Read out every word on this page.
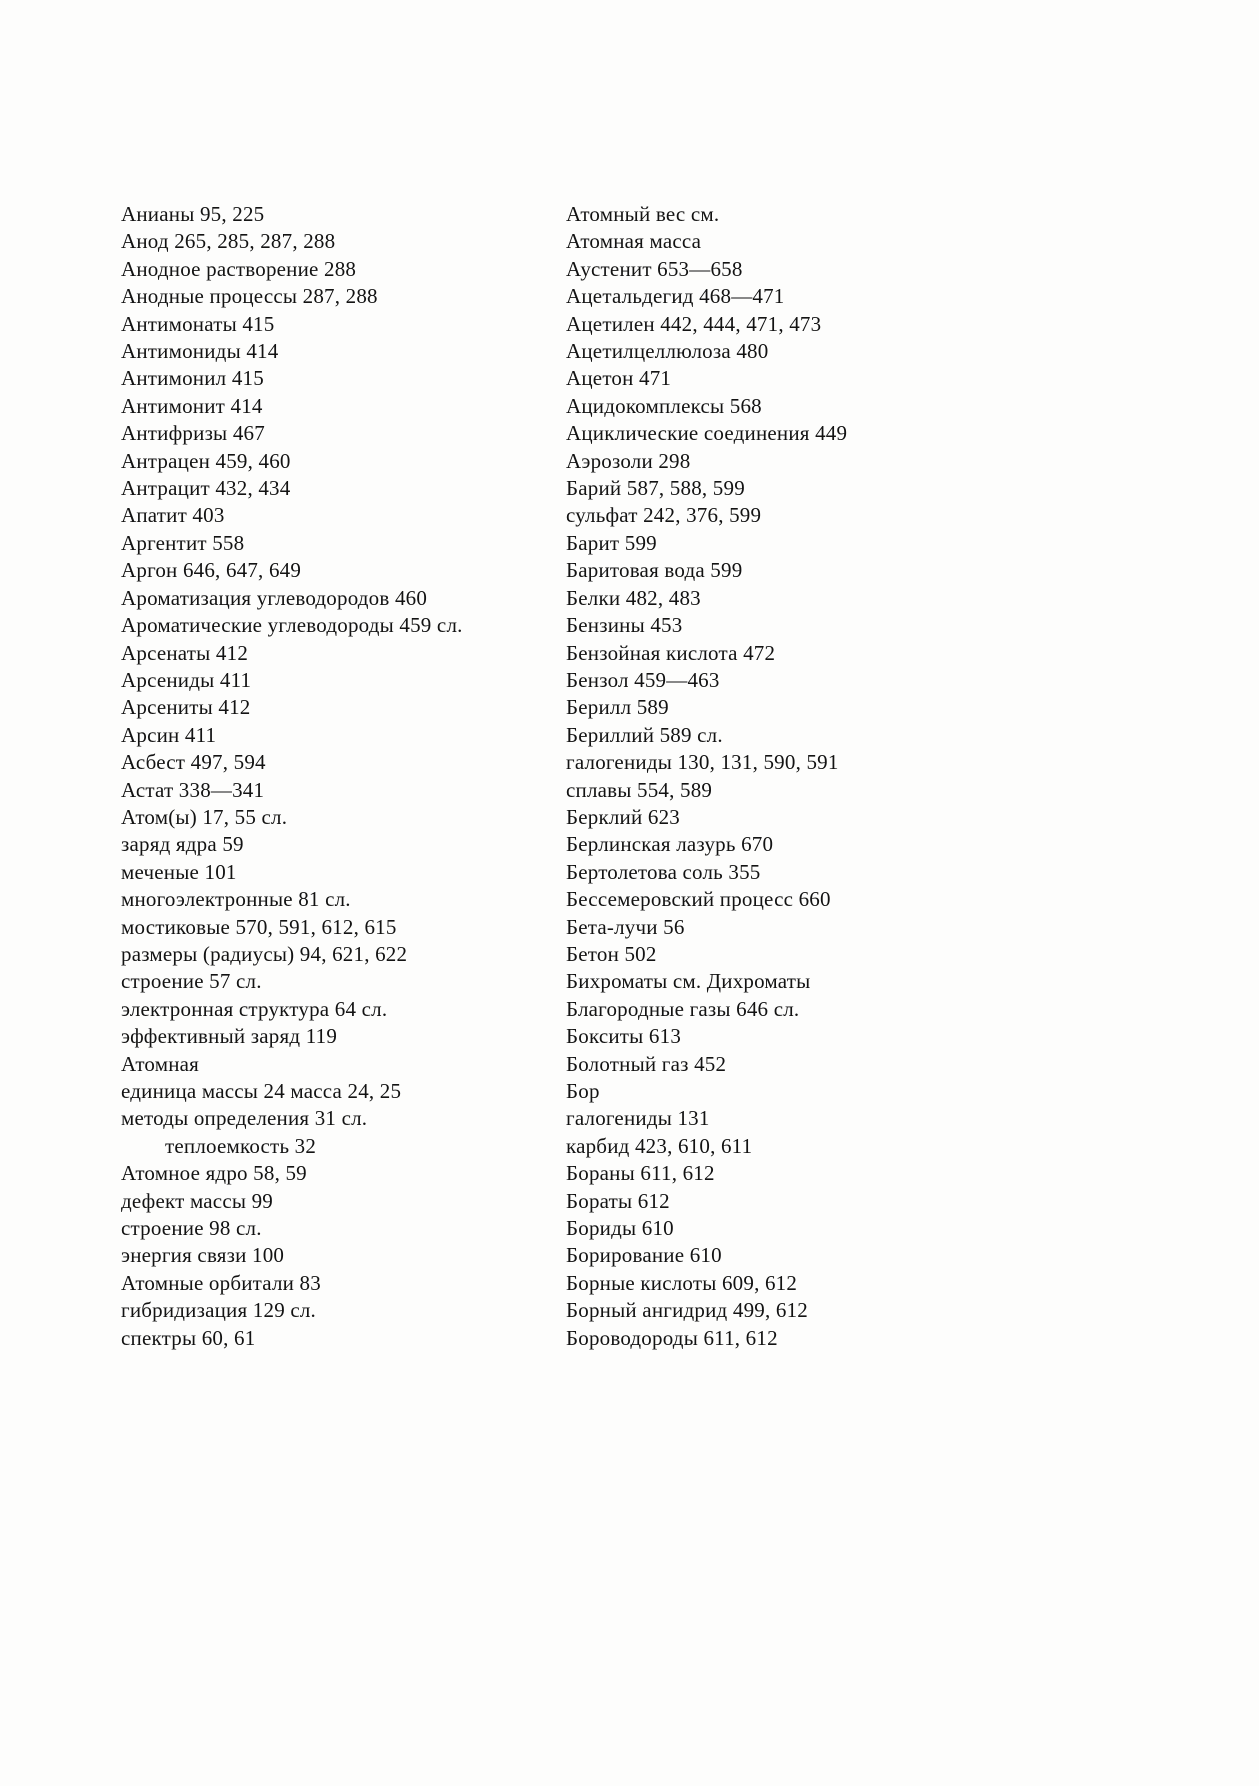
Анианы 95, 225
Анод 265, 285, 287, 288
Анодное растворение 288
Анодные процессы 287, 288
Антимонаты 415
Антимониды 414
Антимонил 415
Антимонит 414
Антифризы 467
Антрацен 459, 460
Антрацит 432, 434
Апатит 403
Аргентит 558
Аргон 646, 647, 649
Ароматизация углеводородов 460
Ароматические углеводороды 459 сл.
Арсенаты 412
Арсениды 411
Арсениты 412
Арсин 411
Асбест 497, 594
Астат 338—341
Атом(ы) 17, 55 сл.
заряд ядра 59
меченые 101
многоэлектронные 81 сл.
мостиковые 570, 591, 612, 615
размеры (радиусы) 94, 621, 622
строение 57 сл.
электронная структура 64 сл.
эффективный заряд 119
Атомная
единица массы 24 масса 24, 25
методы определения 31 сл.
теплоемкость 32
Атомное ядро 58, 59
дефект массы 99
строение 98 сл.
энергия связи 100
Атомные орбитали 83
гибридизация 129 сл.
спектры 60, 61
Атомный вес см.
Атомная масса
Аустенит 653—658
Ацетальдегид 468—471
Ацетилен 442, 444, 471, 473
Ацетилцеллюлоза 480
Ацетон 471
Ацидокомплексы 568
Ациклические соединения 449
Аэрозоли 298
Барий 587, 588, 599
сульфат 242, 376, 599
Барит 599
Баритовая вода 599
Белки 482, 483
Бензины 453
Бензойная кислота 472
Бензол 459—463
Берилл 589
Бериллий 589 сл.
галогениды 130, 131, 590, 591
сплавы 554, 589
Берклий 623
Берлинская лазурь 670
Бертолетова соль 355
Бессемеровский процесс 660
Бета-лучи 56
Бетон 502
Бихроматы см. Дихроматы
Благородные газы 646 сл.
Бокситы 613
Болотный газ 452
Бор
галогениды 131
карбид 423, 610, 611
Бораны 611, 612
Бораты 612
Бориды 610
Борирование 610
Борные кислоты 609, 612
Борный ангидрид 499, 612
Бороводороды 611, 612
